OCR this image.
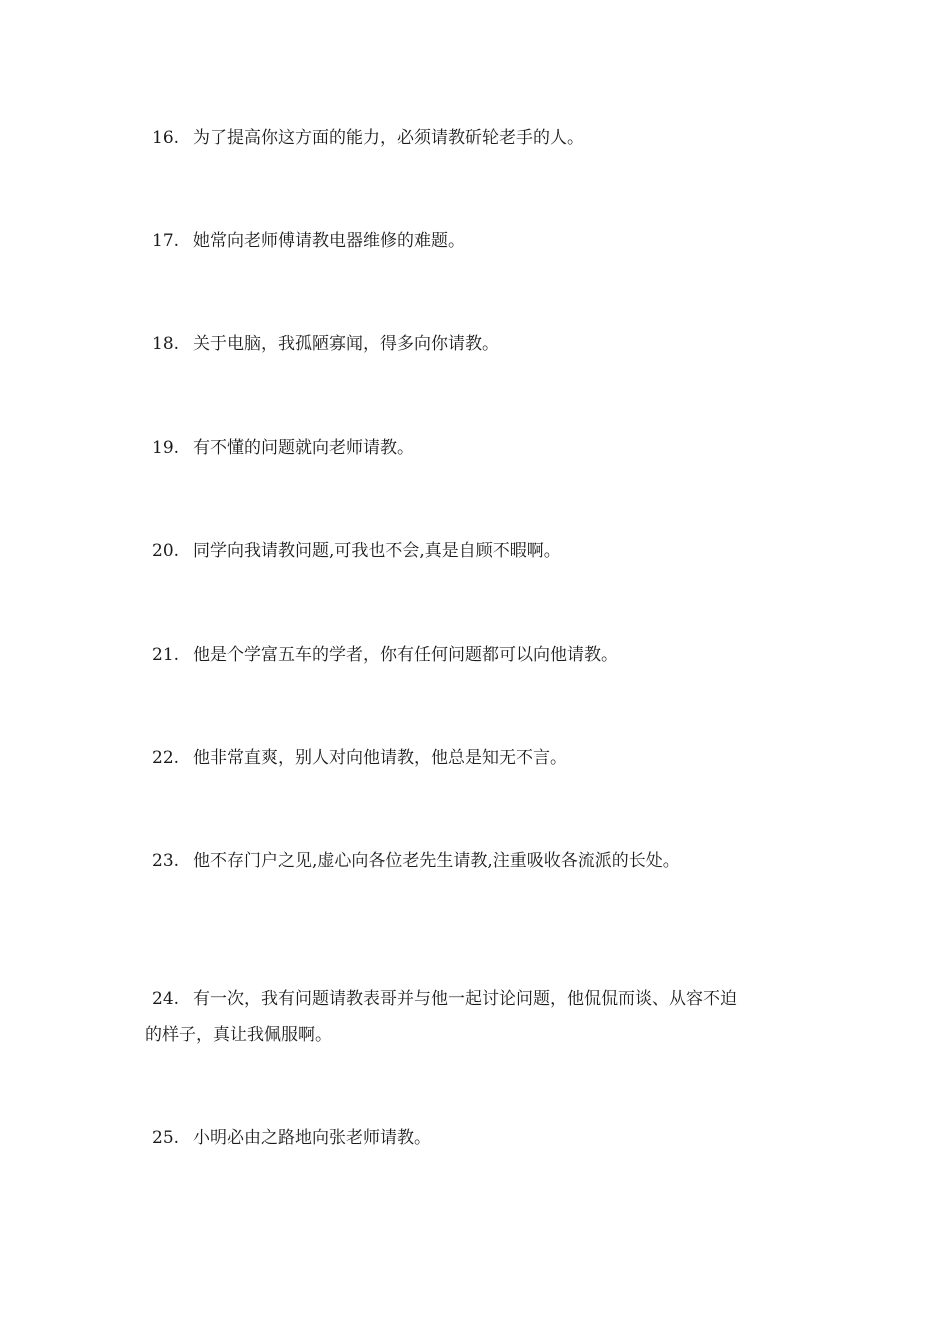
16. 为了提高你这方面的能力，必须请教斫轮老手的人。

17. 她常向老师傅请教电器维修的难题。

18. 关于电脑，我孤陋寡闻，得多向你请教。

19. 有不懂的问题就向老师请教。

20. 同学向我请教问题,可我也不会,真是自顾不暇啊。

21. 他是个学富五车的学者，你有任何问题都可以向他请教。

22. 他非常直爽，别人对向他请教，他总是知无不言。

23. 他不存门户之见,虚心向各位老先生请教,注重吸收各流派的长处。

24. 有一次，我有问题请教表哥并与他一起讨论问题，他侃侃而谈、从容不迫
的样子，真让我佩服啊。

25. 小明必由之路地向张老师请教。
